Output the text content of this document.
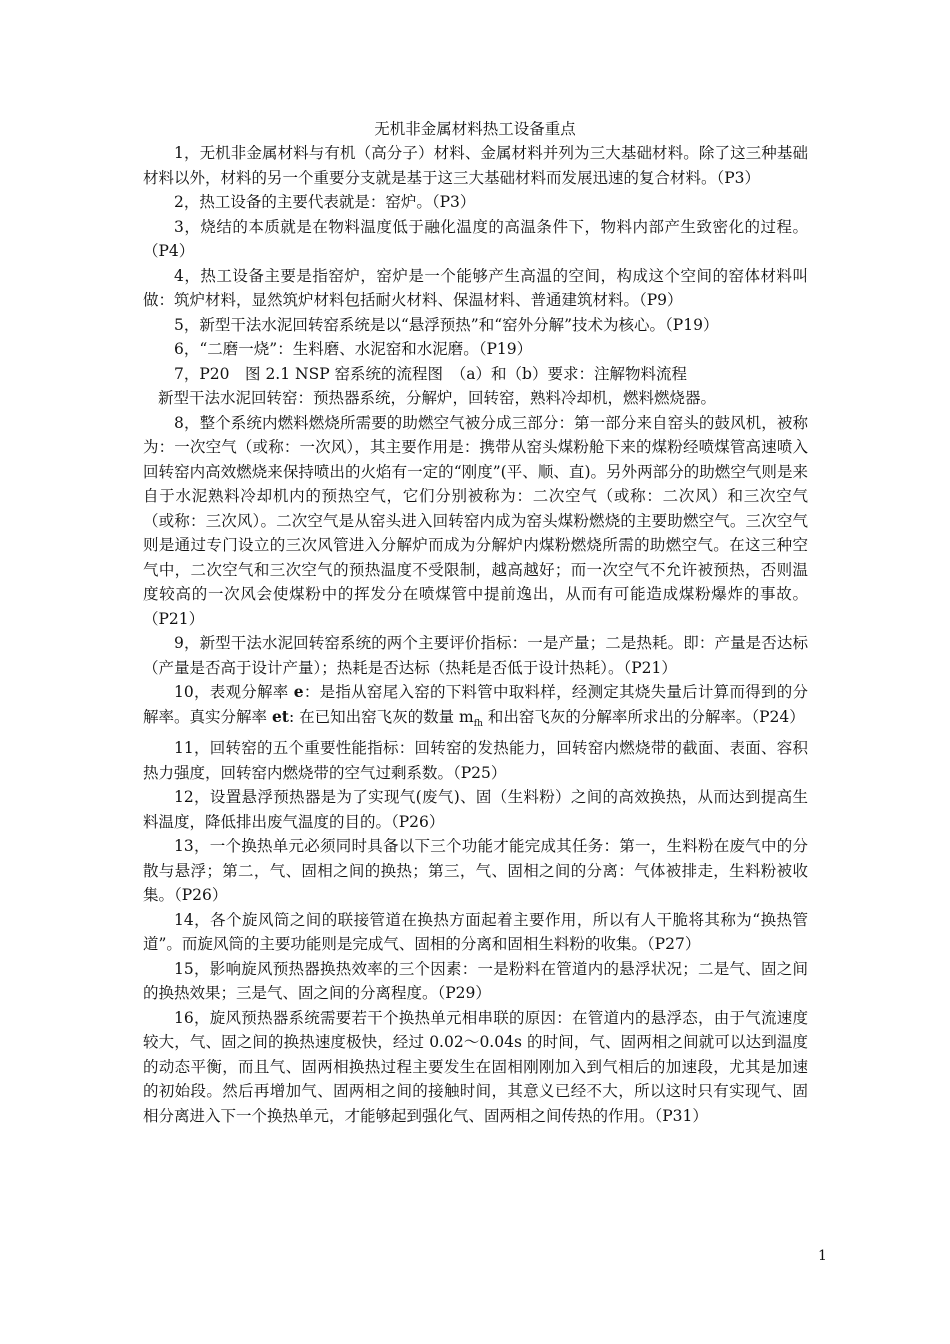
无机非金属材料热工设备重点

1，无机非金属材料与有机（高分子）材料、金属材料并列为三大基础材料。除了这三种基础材料以外，材料的另一个重要分支就是基于这三大基础材料而发展迅速的复合材料。（P3）

2，热工设备的主要代表就是：窑炉。（P3）

3，烧结的本质就是在物料温度低于融化温度的高温条件下，物料内部产生致密化的过程。（P4）

4，热工设备主要是指窑炉，窑炉是一个能够产生高温的空间，构成这个空间的窑体材料叫做：筑炉材料，显然筑炉材料包括耐火材料、保温材料、普通建筑材料。（P9）

5，新型干法水泥回转窑系统是以“悬浮预热”和“窑外分解”技术为核心。（P19）

6，“二磨一烧”：生料磨、水泥窑和水泥磨。（P19）

7，P20　图 2.1 NSP 窑系统的流程图　（a）和（b）要求：注解物料流程

新型干法水泥回转窑：预热器系统，分解炉，回转窑，熟料冷却机，燃料燃烧器。

8，整个系统内燃料燃烧所需要的助燃空气被分成三部分：第一部分来自窑头的鼓风机，被称为：一次空气（或称：一次风），其主要作用是：携带从窑头煤粉舱下来的煤粉经喷煤管高速喷入回转窑内高效燃烧来保持喷出的火焰有一定的“刚度”(平、顺、直)。另外两部分的助燃空气则是来自于水泥熟料冷却机内的预热空气，它们分别被称为：二次空气（或称：二次风）和三次空气（或称：三次风）。二次空气是从窑头进入回转窑内成为窑头煤粉燃烧的主要助燃空气。三次空气则是通过专门设立的三次风管进入分解炉而成为分解炉内煤粉燃烧所需的助燃空气。在这三种空气中，二次空气和三次空气的预热温度不受限制，越高越好；而一次空气不允许被预热，否则温度较高的一次风会使煤粉中的挥发分在喷煤管中提前逸出，从而有可能造成煤粉爆炸的事故。（P21）

9，新型干法水泥回转窑系统的两个主要评价指标：一是产量；二是热耗。即：产量是否达标（产量是否高于设计产量）；热耗是否达标（热耗是否低于设计热耗）。（P21）

10，表观分解率 e：是指从窑尾入窑的下料管中取料样，经测定其烧失量后计算而得到的分解率。真实分解率 et: 在已知出窑飞灰的数量 $m_{fh}$ 和出窑飞灰的分解率所求出的分解率。（P24）

11，回转窑的五个重要性能指标：回转窑的发热能力，回转窑内燃烧带的截面、表面、容积热力强度，回转窑内燃烧带的空气过剩系数。（P25）

12，设置悬浮预热器是为了实现气(废气)、固（生料粉）之间的高效换热，从而达到提高生料温度，降低排出废气温度的目的。（P26）

13，一个换热单元必须同时具备以下三个功能才能完成其任务：第一，生料粉在废气中的分散与悬浮；第二，气、固相之间的换热；第三，气、固相之间的分离：气体被排走，生料粉被收集。（P26）

14，各个旋风筒之间的联接管道在换热方面起着主要作用，所以有人干脆将其称为“换热管道”。而旋风筒的主要功能则是完成气、固相的分离和固相生料粉的收集。（P27）

15，影响旋风预热器换热效率的三个因素：一是粉料在管道内的悬浮状况；二是气、固之间的换热效果；三是气、固之间的分离程度。（P29）

16，旋风预热器系统需要若干个换热单元相串联的原因：在管道内的悬浮态，由于气流速度较大，气、固之间的换热速度极快，经过 0.02～0.04s 的时间，气、固两相之间就可以达到温度的动态平衡，而且气、固两相换热过程主要发生在固相刚刚加入到气相后的加速段，尤其是加速的初始段。然后再增加气、固两相之间的接触时间，其意义已经不大，所以这时只有实现气、固相分离进入下一个换热单元，才能够起到强化气、固两相之间传热的作用。（P31）

1
